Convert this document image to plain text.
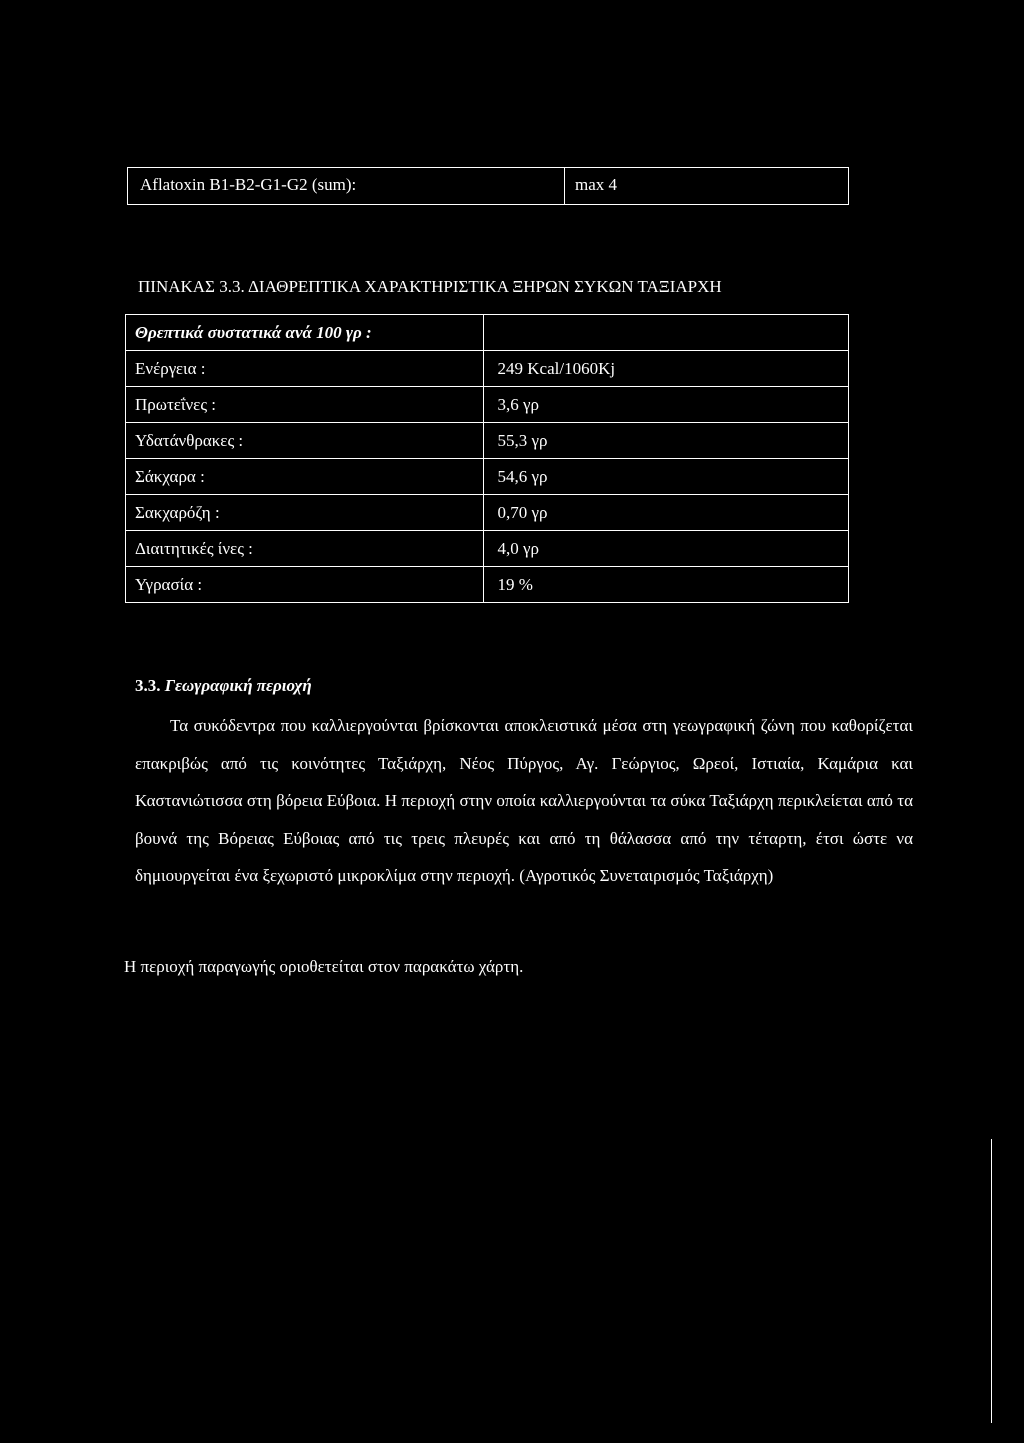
Aflatoxin B1-B2-G1-G2 (sum):	max 4
ΠΙΝΑΚΑΣ 3.3. ΔΙΑΘΡΕΠΤΙΚΑ ΧΑΡΑΚΤΗΡΙΣΤΙΚΑ ΞΗΡΩΝ ΣΥΚΩΝ ΤΑΞΙΑΡΧΗ
Θρεπτικά συστατικά ανά 100 γρ :	
Ενέργεια :	249 Kcal/1060Kj
Πρωτεΐνες :	3,6 γρ
Υδατάνθρακες :	55,3 γρ
Σάκχαρα :	54,6 γρ
Σακχαρόζη :	0,70 γρ
Διαιτητικές ίνες :	4,0 γρ
Υγρασία :	19 %
3.3. Γεωγραφική περιοχή

Τα συκόδεντρα που καλλιεργούνται βρίσκονται αποκλειστικά μέσα στη γεωγραφική ζώνη που καθορίζεται επακριβώς από τις κοινότητες Ταξιάρχη, Νέος Πύργος, Αγ. Γεώργιος, Ωρεοί, Ιστιαία, Καμάρια και Καστανιώτισσα στη βόρεια Εύβοια. Η περιοχή στην οποία καλλιεργούνται τα σύκα Ταξιάρχη περικλείεται από τα βουνά της Βόρειας Εύβοιας από τις τρεις πλευρές και από τη θάλασσα από την τέταρτη, έτσι ώστε να δημιουργείται ένα ξεχωριστό μικροκλίμα στην περιοχή. (Αγροτικός Συνεταιρισμός Ταξιάρχη)

Η περιοχή παραγωγής οριοθετείται στον παρακάτω χάρτη.
